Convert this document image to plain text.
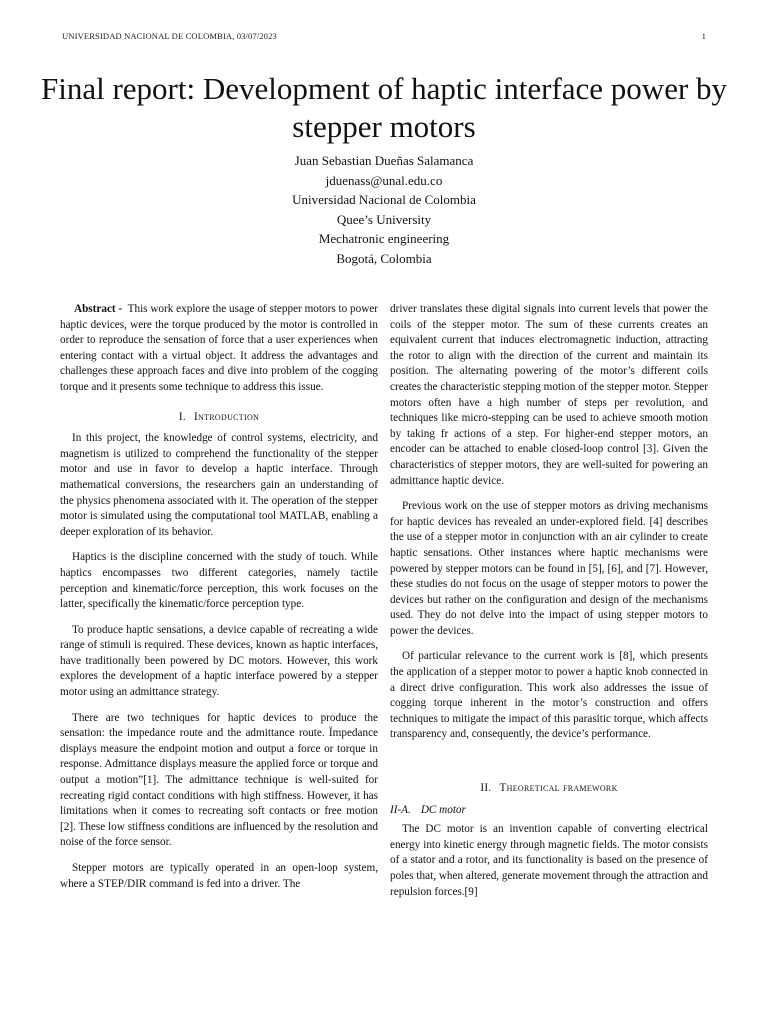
UNIVERSIDAD NACIONAL DE COLOMBIA, 03/07/2023	1
Final report: Development of haptic interface power by stepper motors
Juan Sebastian Dueñas Salamanca
jduenass@unal.edu.co
Universidad Nacional de Colombia
Quee’s University
Mechatronic engineering
Bogotá, Colombia

Abstract - This work explore the usage of stepper motors to power haptic devices, were the torque produced by the motor is controlled in order to reproduce the sensation of force that a user experiences when entering contact with a virtual object. It address the advantages and challenges these approach faces and dive into problem of the cogging torque and it presents some technique to address this issue.

I. Introduction

In this project, the knowledge of control systems, electricity, and magnetism is utilized to comprehend the functionality of the stepper motor and use in favor to develop a haptic interface. Through mathematical conversions, the researchers gain an understanding of the physics phenomena associated with it. The operation of the stepper motor is simulated using the computational tool MATLAB, enabling a deeper exploration of its behavior.

Haptics is the discipline concerned with the study of touch. While haptics encompasses two different categories, namely tactile perception and kinematic/force perception, this work focuses on the latter, specifically the kinematic/force perception type.

To produce haptic sensations, a device capable of recreating a wide range of stimuli is required. These devices, known as haptic interfaces, have traditionally been powered by DC motors. However, this work explores the development of a haptic interface powered by a stepper motor using an admittance strategy.

There are two techniques for haptic devices to produce the sensation: the impedance route and the admittance route. Ïmpedance displays measure the endpoint motion and output a force or torque in response. Admittance displays measure the applied force or torque and output a motion”[1]. The admittance technique is well-suited for recreating rigid contact conditions with high stiffness. However, it has limitations when it comes to recreating soft contacts or free motion [2]. These low stiffness conditions are influenced by the resolution and noise of the force sensor.

Stepper motors are typically operated in an open-loop system, where a STEP/DIR command is fed into a driver. The

driver translates these digital signals into current levels that power the coils of the stepper motor. The sum of these currents creates an equivalent current that induces electromagnetic induction, attracting the rotor to align with the direction of the current and maintain its position. The alternating powering of the motor’s different coils creates the characteristic stepping motion of the stepper motor. Stepper motors often have a high number of steps per revolution, and techniques like micro-stepping can be used to achieve smooth motion by taking fr actions of a step. For higher-end stepper motors, an encoder can be attached to enable closed-loop control [3]. Given the characteristics of stepper motors, they are well-suited for powering an admittance haptic device.

Previous work on the use of stepper motors as driving mechanisms for haptic devices has revealed an under-explored field. [4] describes the use of a stepper motor in conjunction with an air cylinder to create haptic sensations. Other instances where haptic mechanisms were powered by stepper motors can be found in [5], [6], and [7]. However, these studies do not focus on the usage of stepper motors to power the devices but rather on the configuration and design of the mechanisms used. They do not delve into the impact of using stepper motors to power the devices.

Of particular relevance to the current work is [8], which presents the application of a stepper motor to power a haptic knob connected in a direct drive configuration. This work also addresses the issue of cogging torque inherent in the motor’s construction and offers techniques to mitigate the impact of this parasitic torque, which affects transparency and, consequently, the device’s performance.

II. Theoretical framework
II-A. DC motor

The DC motor is an invention capable of converting electrical energy into kinetic energy through magnetic fields. The motor consists of a stator and a rotor, and its functionality is based on the presence of poles that, when altered, generate movement through the attraction and repulsion forces.[9]
